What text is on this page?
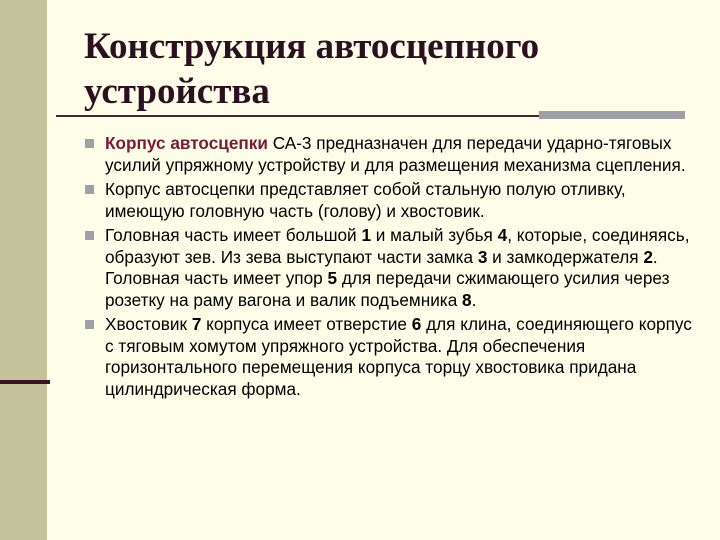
Конструкция автосцепного
устройства
Корпус автосцепки СА-3 предназначен для передачи ударно-тяговых усилий упряжному устройству и для размещения механизма сцепления.
Корпус автосцепки представляет собой стальную полую отливку, имеющую головную часть (голову) и хвостовик.
Головная часть имеет большой 1 и малый зубья 4, которые, соединяясь, образуют зев. Из зева выступают части замка 3 и замкодержателя 2. Головная часть имеет упор 5 для передачи сжимающего усилия через розетку на раму вагона и валик подъемника 8.
Хвостовик 7 корпуса имеет отверстие 6 для клина, соединяющего корпус с тяговым хомутом упряжного устройства. Для обеспечения горизонтального перемещения корпуса торцу хвостовика придана цилиндрическая форма.
